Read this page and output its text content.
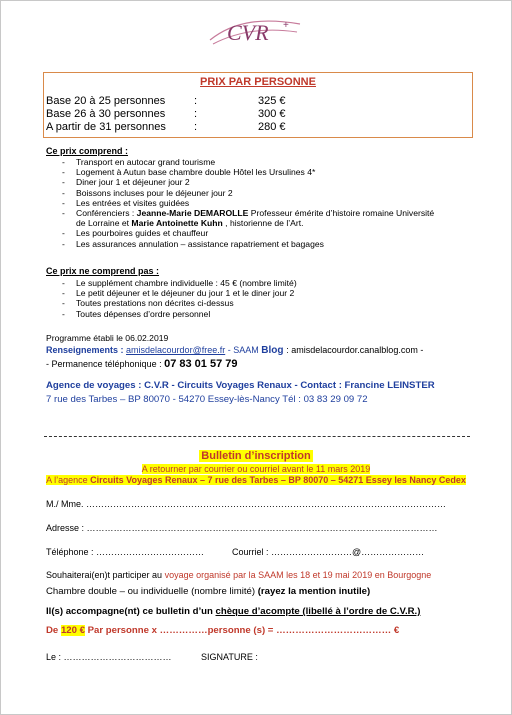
CVR +
PRIX PAR PERSONNE
Base 20 à 25 personnes	:	325 €
Base 26 à 30 personnes	:	300 €
A partir de 31 personnes	:	280 €
Ce prix comprend :
- Transport en autocar grand tourisme
- Logement à Autun base chambre double Hôtel les Ursulines 4*
- Diner jour 1 et déjeuner jour 2
- Boissons incluses pour le déjeuner jour 2
- Les entrées et visites guidées
- Conférenciers : Jeanne-Marie DEMAROLLE Professeur émérite d’histoire romaine Université
de Lorraine et Marie Antoinette Kuhn , historienne de l’Art.
- Les pourboires guides et chauffeur
- Les assurances annulation – assistance rapatriement et bagages
Ce prix ne comprend pas :
- Le supplément chambre individuelle : 45 € (nombre limité)
- Le petit déjeuner et le déjeuner du jour 1 et le diner jour 2
- Toutes prestations non décrites ci-dessus
- Toutes dépenses d’ordre personnel
Programme établi le 06.02.2019
Renseignements : amisdelacourdor@free.fr - SAAM Blog : amisdelacourdor.canalblog.com -
- Permanence téléphonique : 07 83 01 57 79
Agence de voyages : C.V.R - Circuits Voyages Renaux - Contact : Francine LEINSTER
7 rue des Tarbes – BP 80070 - 54270 Essey-lès-Nancy Tél : 03 83 29 09 72
Bulletin d’inscription
A retourner par courrier ou courriel avant le 11 mars 2019
A l’agence Circuits Voyages Renaux – 7 rue des Tarbes – BP 80070 – 54271 Essey les Nancy Cedex
M./ Mme. …………………………………………………………………………………………………………
Adresse : ………………………………………………………………………………………………………
Téléphone : ………………………………	Courriel : ………………………@…………………
Souhaiterai(en)t participer au voyage organisé par la SAAM les 18 et 19 mai 2019 en Bourgogne
Chambre double – ou individuelle (nombre limité) (rayez la mention inutile)
Il(s) accompagne(nt) ce bulletin d’un chèque d’acompte (libellé à l’ordre de C.V.R.)
De 120 € Par personne x ……………personne (s) = ……………………………… €
Le : ………………………………	SIGNATURE :
